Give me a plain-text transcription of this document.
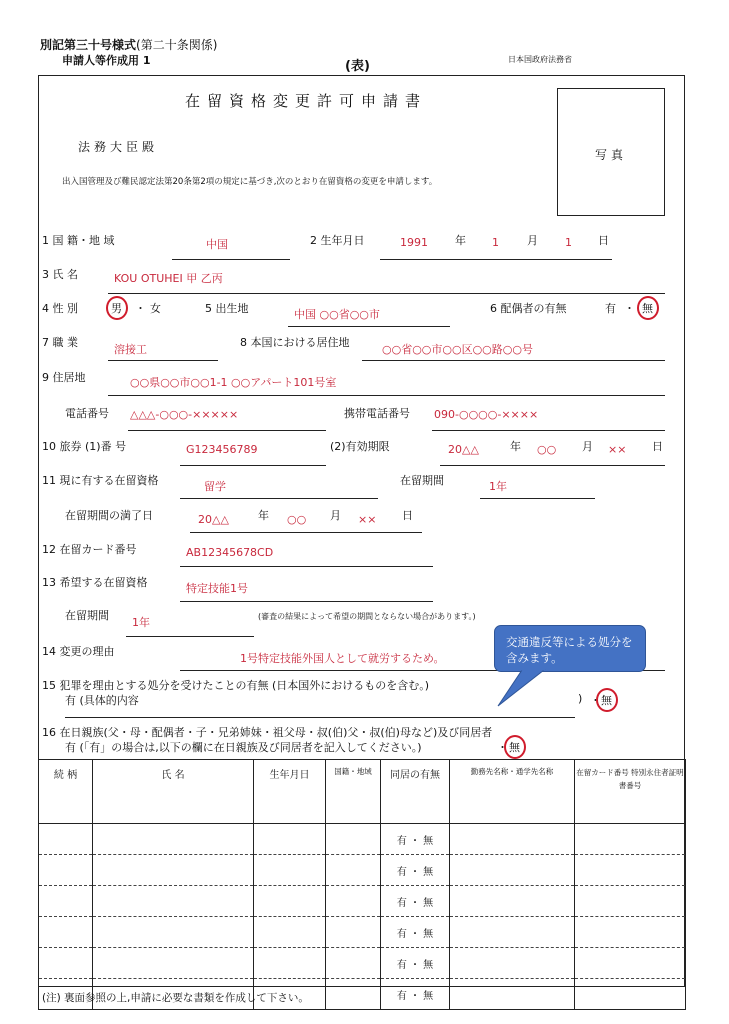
別記第三十号様式(第二十条関係)
申請人等作成用 1	(表)	日本国政府法務省
在留資格変更許可申請書
写真
法務大臣殿
出入国管理及び難民認定法第20条第2項の規定に基づき,次のとおり在留資格の変更を申請します。
1 国 籍・地 域	中国	2 生年月日	1991 年 1	月 1 日
3 氏 名	KOU OTUHEI 甲 乙丙
4 性 別	男 ・ 女	5 出生地	中国 ○○省○○市	6 配偶者の有無	有 ・ 無
7 職 業
溶接工
8 本国における居住地
○○省○○市○○区○○路○○号
9 住居地	○○県○○市○○1-1 ○○アパート101号室
電話番号 △△△-○○○-×××××	携帯電話番号 090-○○○○-××××
10 旅券 (1)番 号	G123456789	(2)有効期限	20△△	年 ○○ 月 ×× 日
11 現に有する在留資格	留学	在留期間	1年
在留期間の満了日	20△△	年 ○○ 月 ×× 日
12 在留カード番号	AB12345678CD
13 希望する在留資格	特定技能1号
在留期間
1年	(審査の結果によって希望の期間とならない場合があります。)
14 変更の理由
1号特定技能外国人として就労するため。
交通違反等による処分を含みます。
15 犯罪を理由とする処分を受けたことの有無 (日本国外におけるものを含む。)
有 (具体的内容	) ・ 無
16 在日親族(父・母・配偶者・子・兄弟姉妹・祖父母・叔(伯)父・叔(伯)母など)及び同居者
有 (「有」の場合は,以下の欄に在日親族及び同居者を記入してください。)	・ 無
続 柄	氏 名	生年月日	国籍・地域	同居の有無	勤務先名称・通学先名称	在留カード番号 特別永住者証明書番号
				有 ・ 無		
				有 ・ 無		
				有 ・ 無		
				有 ・ 無		
				有 ・ 無		
				有 ・ 無		
(注) 裏面参照の上,申請に必要な書類を作成して下さい。
